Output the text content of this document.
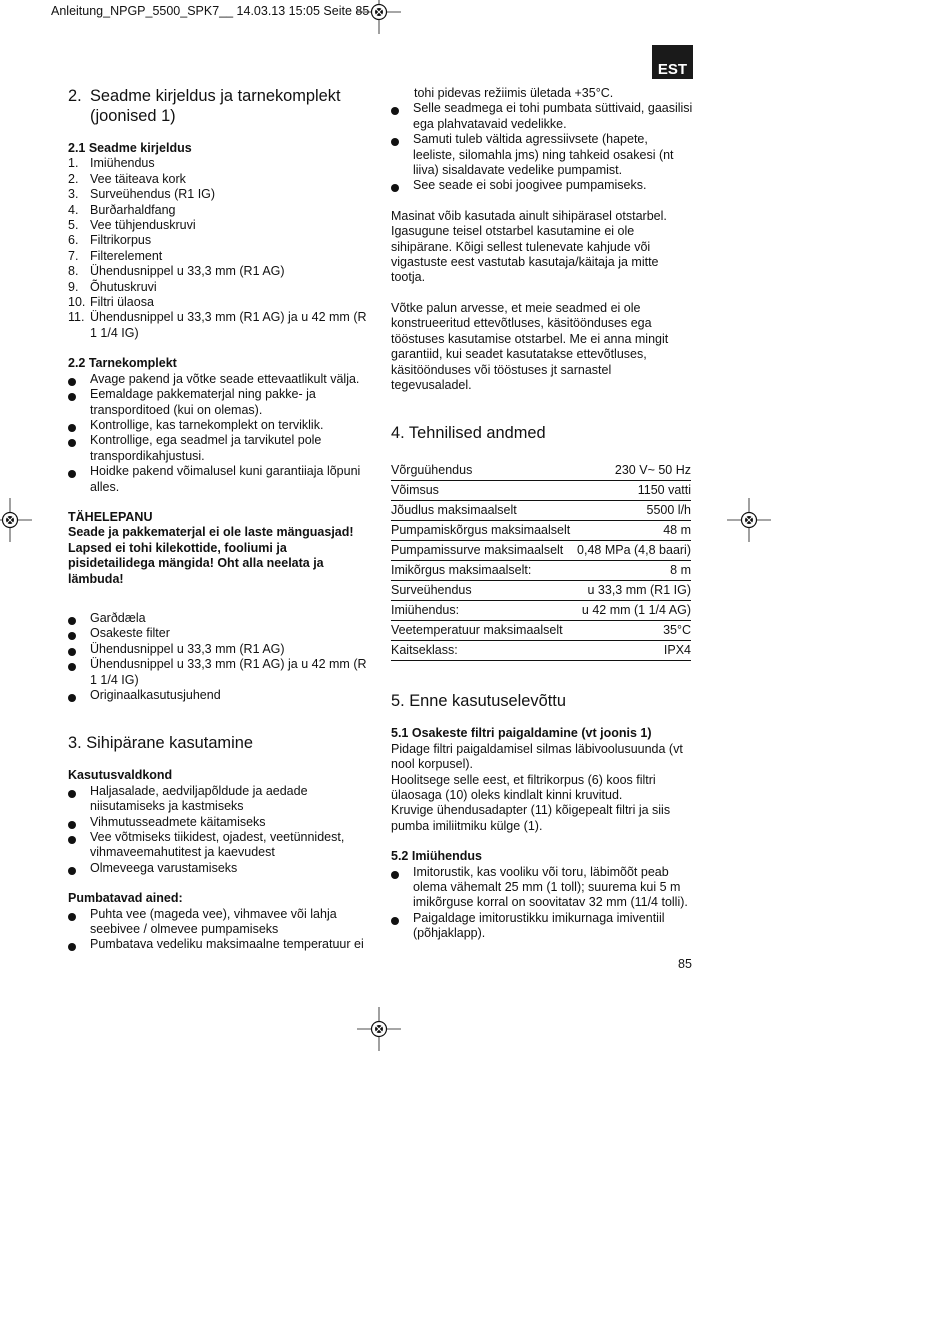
Anleitung_NPGP_5500_SPK7__ 14.03.13 15:05 Seite 85
EST
2. Seadme kirjeldus ja tarnekomplekt (joonised 1)
2.1 Seadme kirjeldus
1. Imiühendus
2. Vee täiteava kork
3. Surveühendus (R1 IG)
4. Burðarhaldfang
5. Vee tühjenduskruvi
6. Filtrikorpus
7. Filterelement
8. Ühendusnippel u 33,3 mm (R1 AG)
9. Õhutuskruvi
10. Filtri ülaosa
11. Ühendusnippel u 33,3 mm (R1 AG) ja u 42 mm (R 1 1/4 IG)
2.2 Tarnekomplekt
Avage pakend ja võtke seade ettevaatlikult välja.
Eemaldage pakkematerjal ning pakke- ja transporditoed (kui on olemas).
Kontrollige, kas tarnekomplekt on terviklik.
Kontrollige, ega seadmel ja tarvikutel pole transpordikahjustusi.
Hoidke pakend võimalusel kuni garantiiaja lõpuni alles.

TÄHELEPANU

Seade ja pakkematerjal ei ole laste mänguasjad! Lapsed ei tohi kilekottide, fooliumi ja pisidetailidega mängida! Oht alla neelata ja lämbuda!

Garðdæla
Osakeste filter
Ühendusnippel u 33,3 mm (R1 AG)
Ühendusnippel u 33,3 mm (R1 AG) ja u 42 mm (R 1 1/4 IG)
Originaalkasutusjuhend
3. Sihipärane kasutamine
Kasutusvaldkond
Haljasalade, aedviljapõldude ja aedade niisutamiseks ja kastmiseks
Vihmutusseadmete käitamiseks
Vee võtmiseks tiikidest, ojadest, veetünnidest, vihmaveemahutitest ja kaevudest
Olmeveega varustamiseks
Pumbatavad ained:
Puhta vee (mageda vee), vihmavee või lahja seebivee / olmevee pumpamiseks
Pumbatava vedeliku maksimaalne temperatuur ei

tohi pidevas režiimis ületada +35°C.

Selle seadmega ei tohi pumbata süttivaid, gaasilisi ega plahvatavaid vedelikke.
Samuti tuleb vältida agressiivsete (hapete, leeliste, silomahla jms) ning tahkeid osakesi (nt liiva) sisaldavate vedelike pumpamist.
See seade ei sobi joogivee pumpamiseks.

Masinat võib kasutada ainult sihipärasel otstarbel. Igasugune teisel otstarbel kasutamine ei ole sihipärane. Kõigi sellest tulenevate kahjude või vigastuste eest vastutab kasutaja/käitaja ja mitte tootja.

Võtke palun arvesse, et meie seadmed ei ole konstrueeritud ettevõtluses, käsitöönduses ega tööstuses kasutamise otstarbel. Me ei anna mingit garantiid, kui seadet kasutatakse ettevõtluses, käsitöönduses või tööstuses jt sarnastel tegevusaladel.

4. Tehnilised andmed
Võrguühendus	230 V~ 50 Hz
Võimsus	1150 vatti
Jõudlus maksimaalselt	5500 l/h
Pumpamiskõrgus maksimaalselt	48 m
Pumpamissurve maksimaalselt	0,48 MPa (4,8 baari)
Imikõrgus maksimaalselt:	8 m
Surveühendus	u 33,3 mm (R1 IG)
Imiühendus:	u 42 mm (1 1/4 AG)
Veetemperatuur maksimaalselt	35°C
Kaitseklass:	IPX4
5. Enne kasutuselevõttu
5.1 Osakeste filtri paigaldamine (vt joonis 1)

Pidage filtri paigaldamisel silmas läbivoolusuunda (vt nool korpusel).

Hoolitsege selle eest, et filtrikorpus (6) koos filtri ülaosaga (10) oleks kindlalt kinni kruvitud.

Kruvige ühendusadapter (11) kõigepealt filtri ja siis pumba imiliitmiku külge (1).

5.2 Imiühendus
Imitorustik, kas vooliku või toru, läbimõõt peab olema vähemalt 25 mm (1 toll); suurema kui 5 m imikõrguse korral on soovitatav 32 mm (11/4 tolli).
Paigaldage imitorustikku imikurnaga imiventiil (põhjaklapp).
85
